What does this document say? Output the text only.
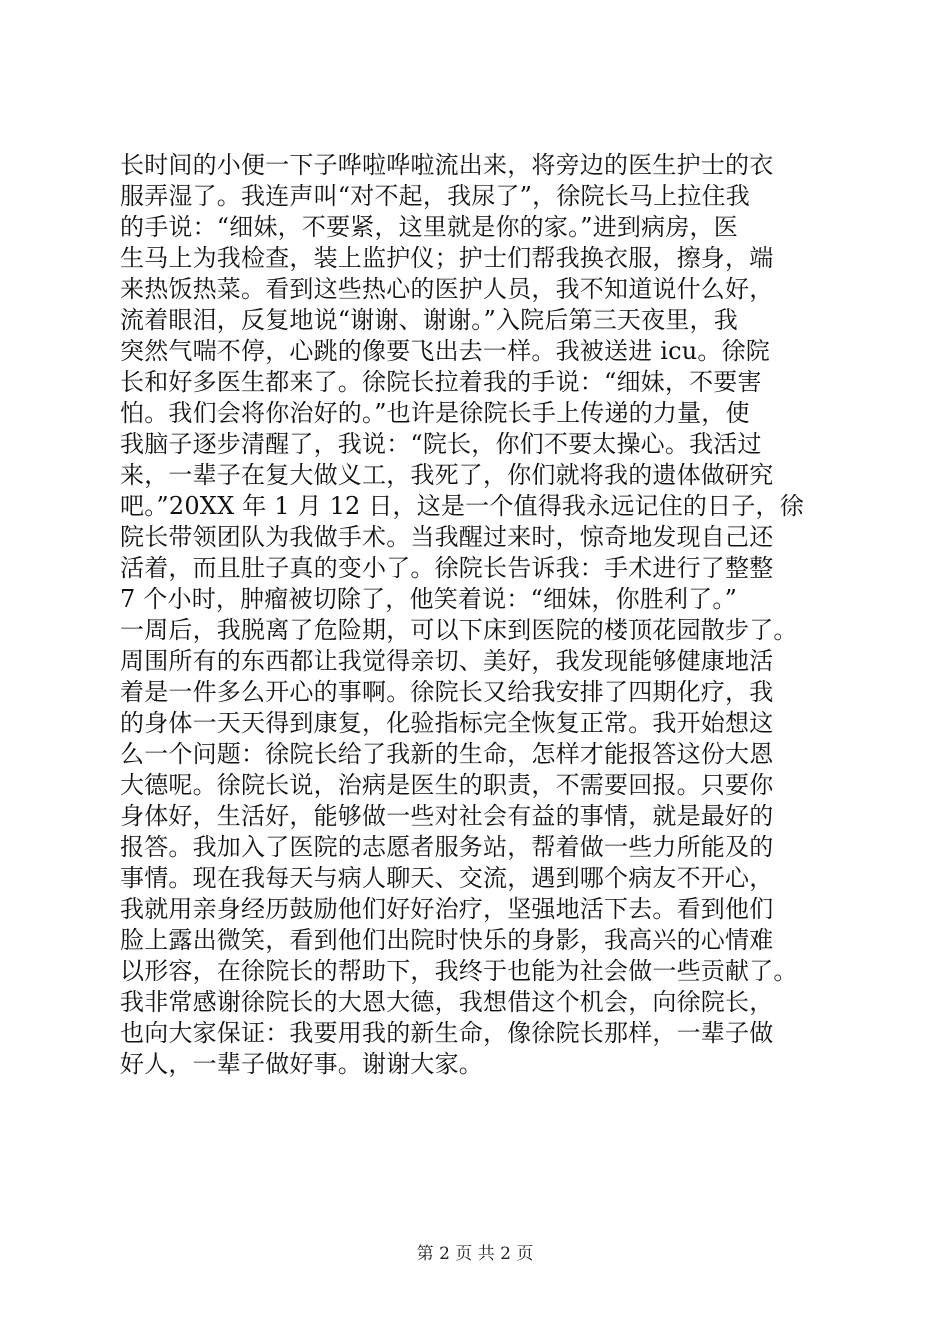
长时间的小便一下子哗啦哗啦流出来，将旁边的医生护士的衣
服弄湿了。我连声叫“对不起，我尿了”，徐院长马上拉住我
的手说：“细妹，不要紧，这里就是你的家。”进到病房，医
生马上为我检查，装上监护仪；护士们帮我换衣服，擦身，端
来热饭热菜。看到这些热心的医护人员，我不知道说什么好，
流着眼泪，反复地说“谢谢、谢谢。”入院后第三天夜里，我
突然气喘不停，心跳的像要飞出去一样。我被送进 icu。徐院
长和好多医生都来了。徐院长拉着我的手说：“细妹，不要害
怕。我们会将你治好的。”也许是徐院长手上传递的力量，使
我脑子逐步清醒了，我说：“院长，你们不要太操心。我活过
来，一辈子在复大做义工，我死了，你们就将我的遗体做研究
吧。”20XX 年 1 月 12 日，这是一个值得我永远记住的日子，徐
院长带领团队为我做手术。当我醒过来时，惊奇地发现自己还
活着，而且肚子真的变小了。徐院长告诉我：手术进行了整整
7 个小时，肿瘤被切除了，他笑着说：“细妹，你胜利了。”
一周后，我脱离了危险期，可以下床到医院的楼顶花园散步了。
周围所有的东西都让我觉得亲切、美好，我发现能够健康地活
着是一件多么开心的事啊。徐院长又给我安排了四期化疗，我
的身体一天天得到康复，化验指标完全恢复正常。我开始想这
么一个问题：徐院长给了我新的生命，怎样才能报答这份大恩
大德呢。徐院长说，治病是医生的职责，不需要回报。只要你
身体好，生活好，能够做一些对社会有益的事情，就是最好的
报答。我加入了医院的志愿者服务站，帮着做一些力所能及的
事情。现在我每天与病人聊天、交流，遇到哪个病友不开心，
我就用亲身经历鼓励他们好好治疗，坚强地活下去。看到他们
脸上露出微笑，看到他们出院时快乐的身影，我高兴的心情难
以形容，在徐院长的帮助下，我终于也能为社会做一些贡献了。
我非常感谢徐院长的大恩大德，我想借这个机会，向徐院长，
也向大家保证：我要用我的新生命，像徐院长那样，一辈子做
好人，一辈子做好事。谢谢大家。
第 2 页 共 2 页
